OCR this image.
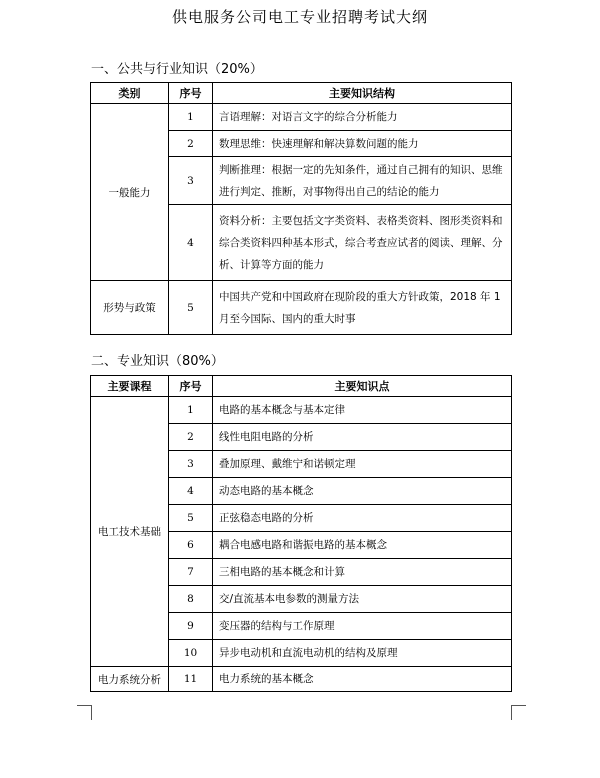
供电服务公司电工专业招聘考试大纲
一、公共与行业知识（20%）
类别	序号	主要知识结构
一般能力	1	言语理解：对语言文字的综合分析能力
	2	数理思维：快速理解和解决算数问题的能力
	3	判断推理：根据一定的先知条件，通过自己拥有的知识、思维进行判定、推断，对事物得出自己的结论的能力
	4	资料分析：主要包括文字类资料、表格类资料、图形类资料和综合类资料四种基本形式，综合考查应试者的阅读、理解、分析、计算等方面的能力
形势与政策	5	中国共产党和中国政府在现阶段的重大方针政策，2018 年 1月至今国际、国内的重大时事
二、专业知识（80%）
主要课程	序号	主要知识点
电工技术基础	1	电路的基本概念与基本定律
	2	线性电阻电路的分析
	3	叠加原理、戴维宁和诺顿定理
	4	动态电路的基本概念
	5	正弦稳态电路的分析
	6	耦合电感电路和谐振电路的基本概念
	7	三相电路的基本概念和计算
	8	交/直流基本电参数的测量方法
	9	变压器的结构与工作原理
	10	异步电动机和直流电动机的结构及原理
电力系统分析	11	电力系统的基本概念
